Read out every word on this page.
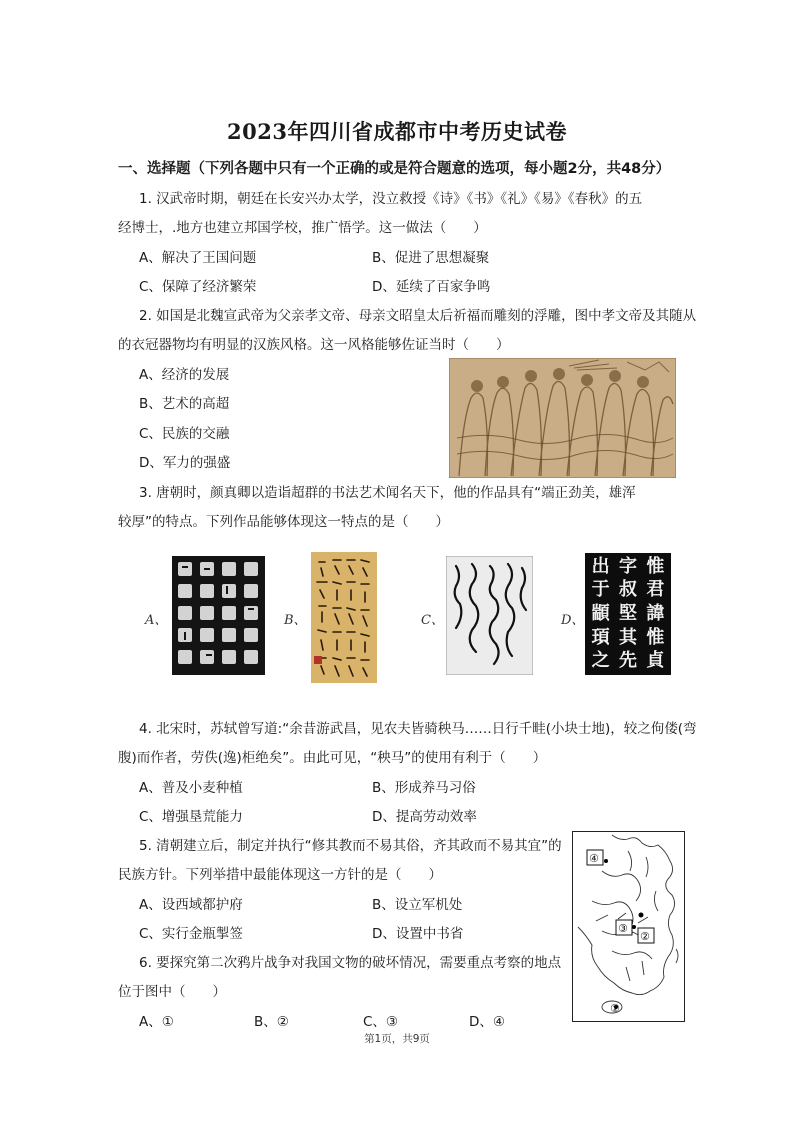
2023年四川省成都市中考历史试卷
一、选择题（下列各题中只有一个正确的或是符合题意的选项，每小题2分，共48分）
1. 汉武帝时期，朝廷在长安兴办太学，没立救授《诗》《书》《礼》《易》《春秋》的五
经博士，.地方也建立邦国学校，推广悟学。这一做法（　　）
A、解决了王国问题	B、促进了思想凝聚
C、保障了经济繁荣	D、延续了百家争鸣
2. 如国是北魏宣武帝为父亲孝文帝、母亲文昭皇太后祈福而雕刻的浮雕，图中孝文帝及其随从
的衣冠器物均有明显的汉族风格。这一风格能够佐证当时（　　）
A、经济的发展
B、艺术的高超
C、民族的交融
D、军力的强盛
3. 唐朝时，颜真卿以造诣超群的书法艺术闻名天下，他的作品具有“端正劲美，雄浑
较厚”的特点。下列作品能够体现这一特点的是（　　）
A、	B、	C、	D、
出 字 惟
于 叔 君
顓 堅 諱
頊 其 惟
之 先 貞
4. 北宋时，苏轼曾写道:“余昔游武昌，见农夫皆骑秧马……日行千畦(小块士地)，较之佝偻(弯
腹)而作者，劳佚(逸)柜绝矣”。由此可见，“秧马”的使用有利于（　　）
A、普及小麦种植	B、形成养马习俗
C、增强垦荒能力	D、提高劳动效率
5. 清朝建立后，制定并执行“修其教而不易其俗，齐其政而不易其宜”的
民族方针。下列举措中最能体现这一方针的是（　　）
A、设西域都护府	B、设立军机处
C、实行金瓶掣签	D、设置中书省
6. 要探究第二次鸦片战争对我国文物的破坏情况，需要重点考察的地点
位于图中（　　）
A、①	B、②	C、③	D、④
④
③
②
①
第1页，共9页
